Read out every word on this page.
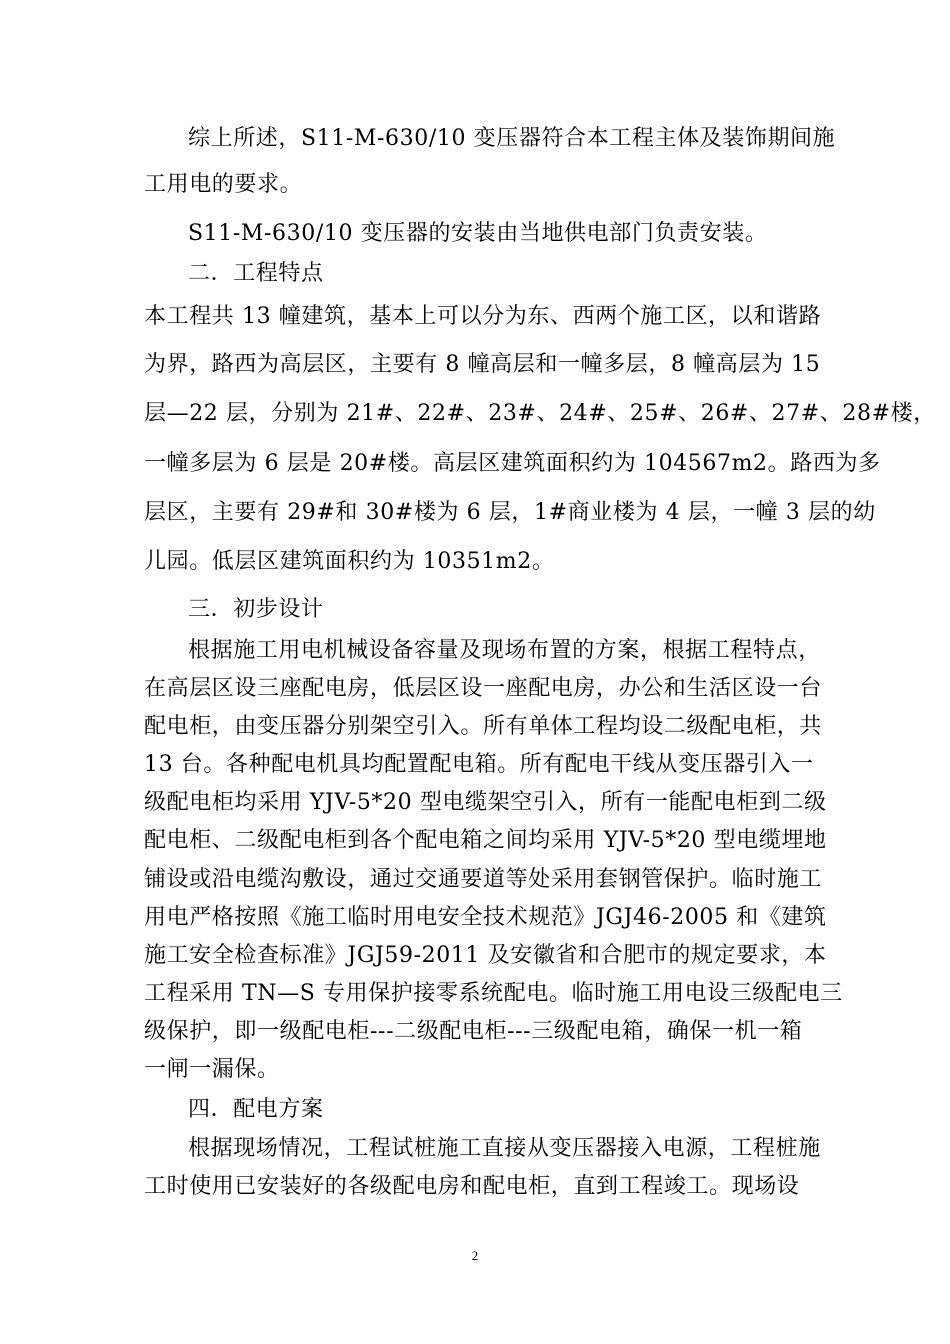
综上所述，S11-M-630/10 变压器符合本工程主体及装饰期间施
工用电的要求。
S11-M-630/10 变压器的安装由当地供电部门负责安装。
二．工程特点
本工程共 13 幢建筑，基本上可以分为东、西两个施工区，以和谐路
为界，路西为高层区，主要有 8 幢高层和一幢多层，8 幢高层为 15
层—22 层，分别为 21#、22#、23#、24#、25#、26#、27#、28#楼，
一幢多层为 6 层是 20#楼。高层区建筑面积约为 104567m2。路西为多
层区，主要有 29#和 30#楼为 6 层，1#商业楼为 4 层，一幢 3 层的幼
儿园。低层区建筑面积约为 10351m2。
三．初步设计
根据施工用电机械设备容量及现场布置的方案，根据工程特点，
在高层区设三座配电房，低层区设一座配电房，办公和生活区设一台
配电柜，由变压器分别架空引入。所有单体工程均设二级配电柜，共
13 台。各种配电机具均配置配电箱。所有配电干线从变压器引入一
级配电柜均采用 YJV-5*20 型电缆架空引入，所有一能配电柜到二级
配电柜、二级配电柜到各个配电箱之间均采用 YJV-5*20 型电缆埋地
铺设或沿电缆沟敷设，通过交通要道等处采用套钢管保护。临时施工
用电严格按照《施工临时用电安全技术规范》JGJ46-2005 和《建筑
施工安全检查标准》JGJ59-2011 及安徽省和合肥市的规定要求，本
工程采用 TN—S 专用保护接零系统配电。临时施工用电设三级配电三
级保护，即一级配电柜---二级配电柜---三级配电箱，确保一机一箱
一闸一漏保。
四．配电方案
根据现场情况，工程试桩施工直接从变压器接入电源，工程桩施
工时使用已安装好的各级配电房和配电柜，直到工程竣工。现场设
2
